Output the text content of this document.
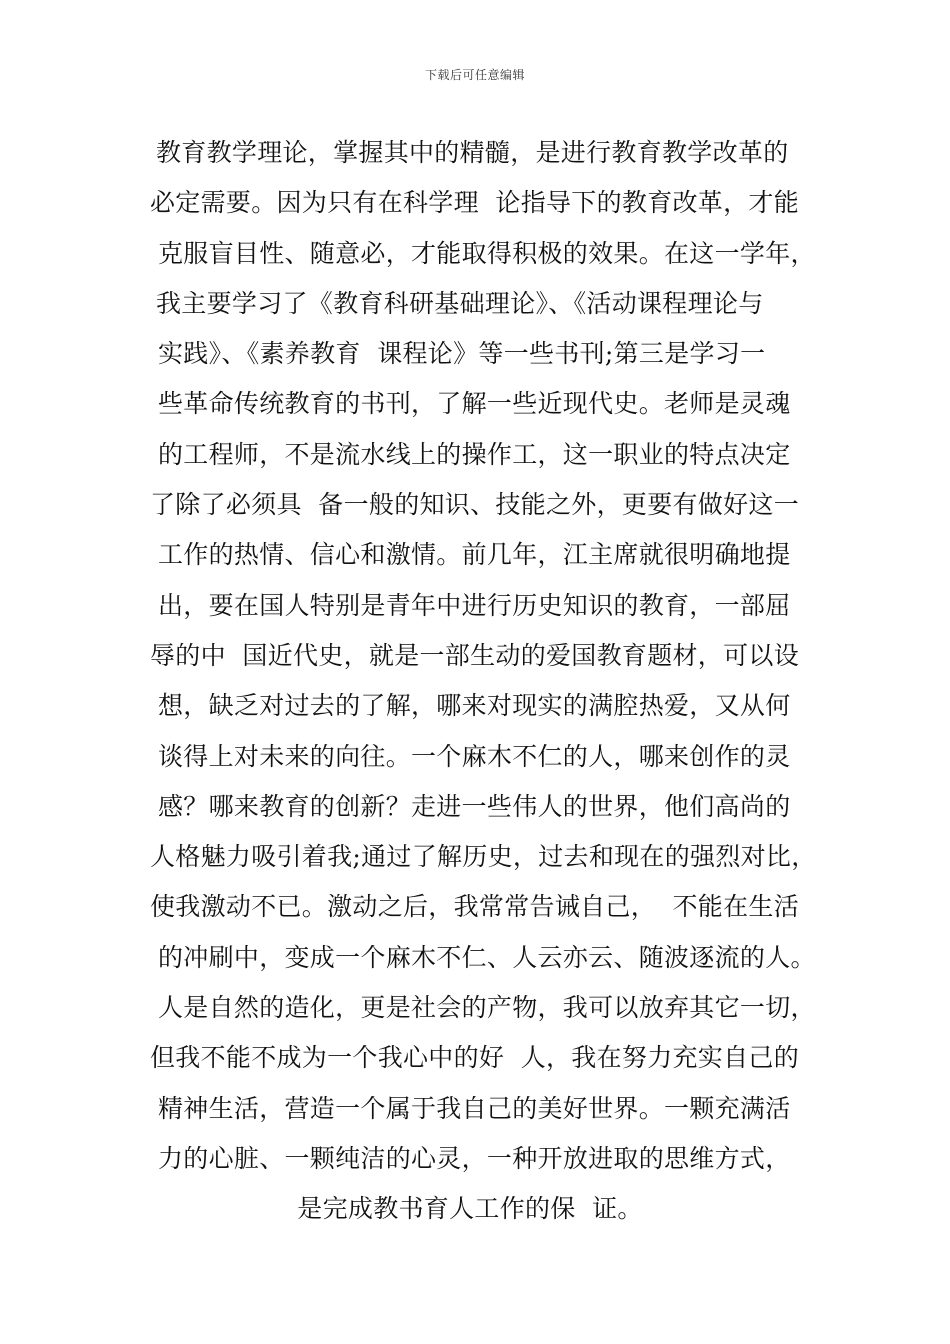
下载后可任意编辑
教育教学理论，掌握其中的精髓，是进行教育教学改革的
必定需要。因为只有在科学理  论指导下的教育改革，才能
克服盲目性、随意必，才能取得积极的效果。在这一学年，
我主要学习了《教育科研基础理论》、《活动课程理论与
实践》、《素养教育  课程论》等一些书刊;第三是学习一
些革命传统教育的书刊，了解一些近现代史。老师是灵魂
的工程师，不是流水线上的操作工，这一职业的特点决定
了除了必须具  备一般的知识、技能之外，更要有做好这一
工作的热情、信心和激情。前几年，江主席就很明确地提
出，要在国人特别是青年中进行历史知识的教育，一部屈
辱的中  国近代史，就是一部生动的爱国教育题材，可以设
想，缺乏对过去的了解，哪来对现实的满腔热爱，又从何
谈得上对未来的向往。一个麻木不仁的人，哪来创作的灵
感？哪来教育的创新？走进一些伟人的世界，他们高尚的
人格魅力吸引着我;通过了解历史，过去和现在的强烈对比，
使我激动不已。激动之后，我常常告诫自己，  不能在生活
的冲刷中，变成一个麻木不仁、人云亦云、随波逐流的人。
人是自然的造化，更是社会的产物，我可以放弃其它一切，
但我不能不成为一个我心中的好  人，我在努力充实自己的
精神生活，营造一个属于我自己的美好世界。一颗充满活
力的心脏、一颗纯洁的心灵，一种开放进取的思维方式，
是完成教书育人工作的保  证。
